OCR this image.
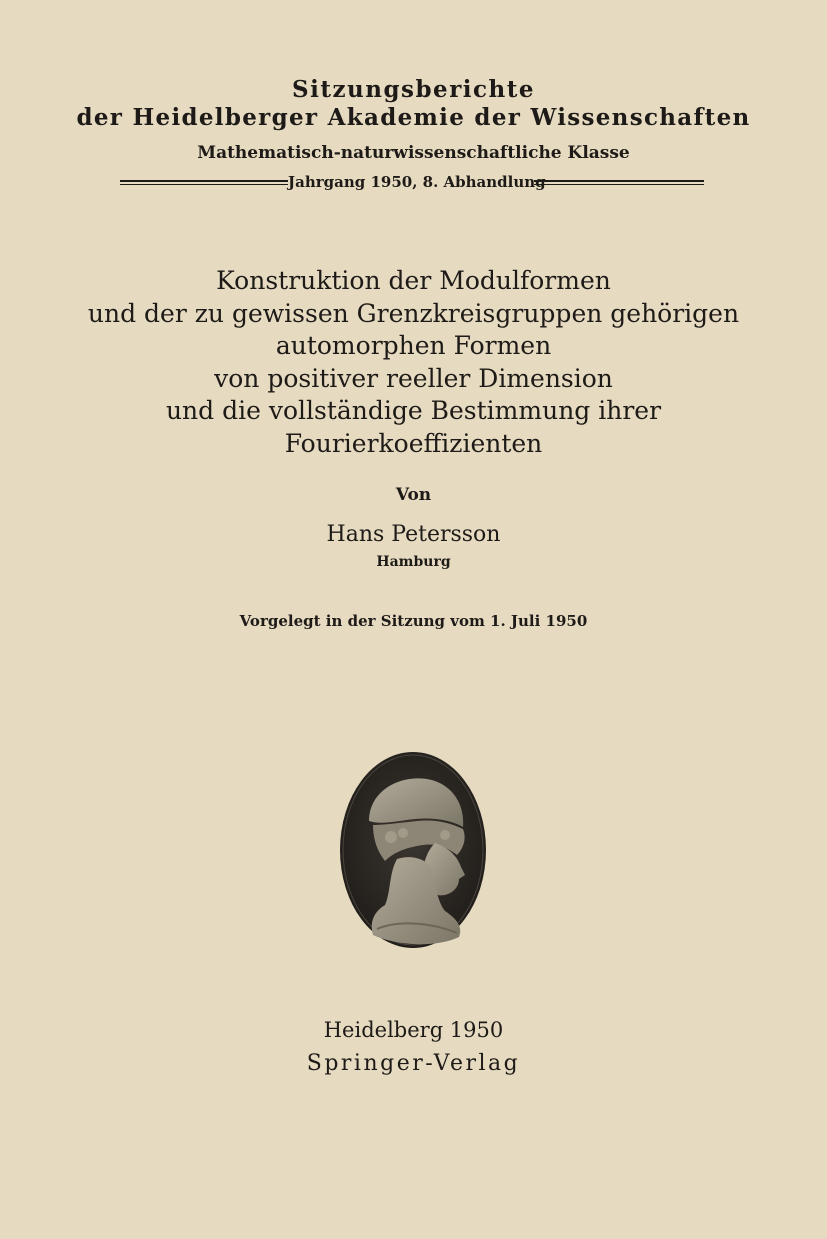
Sitzungsberichte

der Heidelberger Akademie der Wissenschaften

Mathematisch-naturwissenschaftliche Klasse

Jahrgang 1950, 8. Abhandlung
Konstruktion der Modulformen
und der zu gewissen Grenzkreisgruppen gehörigen
automorphen Formen
von positiver reeller Dimension
und die vollständige Bestimmung ihrer
Fourierkoeffizienten

Von

Hans Petersson

Hamburg

Vorgelegt in der Sitzung vom 1. Juli 1950

Heidelberg 1950

Springer-Verlag
